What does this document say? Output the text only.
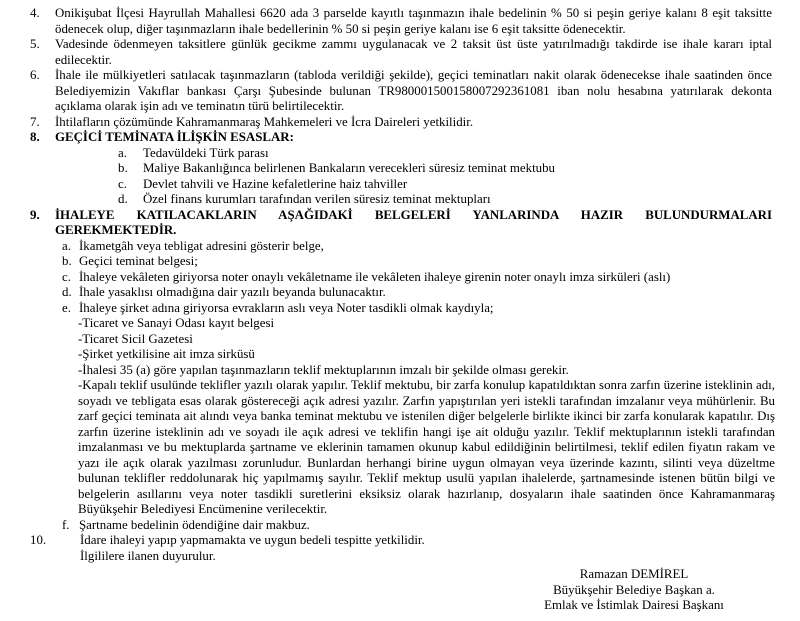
4.	Onikişubat İlçesi Hayrullah Mahallesi 6620 ada 3 parselde kayıtlı taşınmazın ihale bedelinin % 50 si peşin geriye kalanı 8 eşit taksitte ödenecek olup, diğer taşınmazların ihale bedellerinin % 50 si peşin geriye kalanı ise 6 eşit taksitte ödenecektir.
5.	Vadesinde ödenmeyen taksitlere günlük gecikme zammı uygulanacak ve 2 taksit üst üste yatırılmadığı takdirde ise ihale kararı iptal edilecektir.
6.	İhale ile mülkiyetleri satılacak taşınmazların (tabloda verildiği şekilde), geçici teminatları nakit olarak ödenecekse ihale saatinden önce Belediyemizin Vakıflar bankası Çarşı Şubesinde bulunan TR980001500158007292361081 iban nolu hesabına yatırılarak dekonta açıklama olarak işin adı ve teminatın türü belirtilecektir.
7.	İhtilafların çözümünde Kahramanmaraş Mahkemeleri ve İcra Daireleri yetkilidir.
8.	GEÇİCİ TEMİNATA İLİŞKİN ESASLAR:
a.	Tedavüldeki Türk parası
b.	Maliye Bakanlığınca belirlenen Bankaların verecekleri süresiz teminat mektubu
c.	Devlet tahvili ve Hazine kefaletlerine haiz tahviller
d.	Özel finans kurumları tarafından verilen süresiz teminat mektupları
9.	İHALEYE KATILACAKLARIN AŞAĞIDAKİ BELGELERİ YANLARINDA HAZIR BULUNDURMALARI
GEREKMEKTEDİR.
a. İkametgâh veya tebligat adresini gösterir belge,
b. Geçici teminat belgesi;
c. İhaleye vekâleten giriyorsa noter onaylı vekâletname ile vekâleten ihaleye girenin noter onaylı imza sirküleri (aslı)
d. İhale yasaklısı olmadığına dair yazılı beyanda bulunacaktır.
e. İhaleye şirket adına giriyorsa evrakların aslı veya Noter tasdikli olmak kaydıyla;
-Ticaret ve Sanayi Odası kayıt belgesi
-Ticaret Sicil Gazetesi
-Şirket yetkilisine ait imza sirküsü
-İhalesi 35 (a) göre yapılan taşınmazların teklif mektuplarının imzalı bir şekilde olması gerekir.
-Kapalı teklif usulünde teklifler yazılı olarak yapılır. Teklif mektubu, bir zarfa konulup kapatıldıktan sonra zarfın üzerine isteklinin adı, soyadı ve tebligata esas olarak göstereceği açık adresi yazılır. Zarfın yapıştırılan yeri istekli tarafından imzalanır veya mühürlenir. Bu zarf geçici teminata ait alındı veya banka teminat mektubu ve istenilen diğer belgelerle birlikte ikinci bir zarfa konularak kapatılır. Dış zarfın üzerine isteklinin adı ve soyadı ile açık adresi ve teklifin hangi işe ait olduğu yazılır. Teklif mektuplarının istekli tarafından imzalanması ve bu mektuplarda şartname ve eklerinin tamamen okunup kabul edildiğinin belirtilmesi, teklif edilen fiyatın rakam ve yazı ile açık olarak yazılması zorunludur. Bunlardan herhangi birine uygun olmayan veya üzerinde kazıntı, silinti veya düzeltme bulunan teklifler reddolunarak hiç yapılmamış sayılır. Teklif mektup usulü yapılan ihalelerde, şartnamesinde istenen bütün bilgi ve belgelerin asıllarını veya noter tasdikli suretlerini eksiksiz olarak hazırlanıp, dosyaların ihale saatinden önce Kahramanmaraş Büyükşehir Belediyesi Encümenine verilecektir.
f. Şartname bedelinin ödendiğine dair makbuz.
10.	İdare ihaleyi yapıp yapmamakta ve uygun bedeli tespitte yetkilidir.
İlgililere ilanen duyurulur.
Ramazan DEMİREL
Büyükşehir Belediye Başkan a.
Emlak ve İstimlak Dairesi Başkanı
